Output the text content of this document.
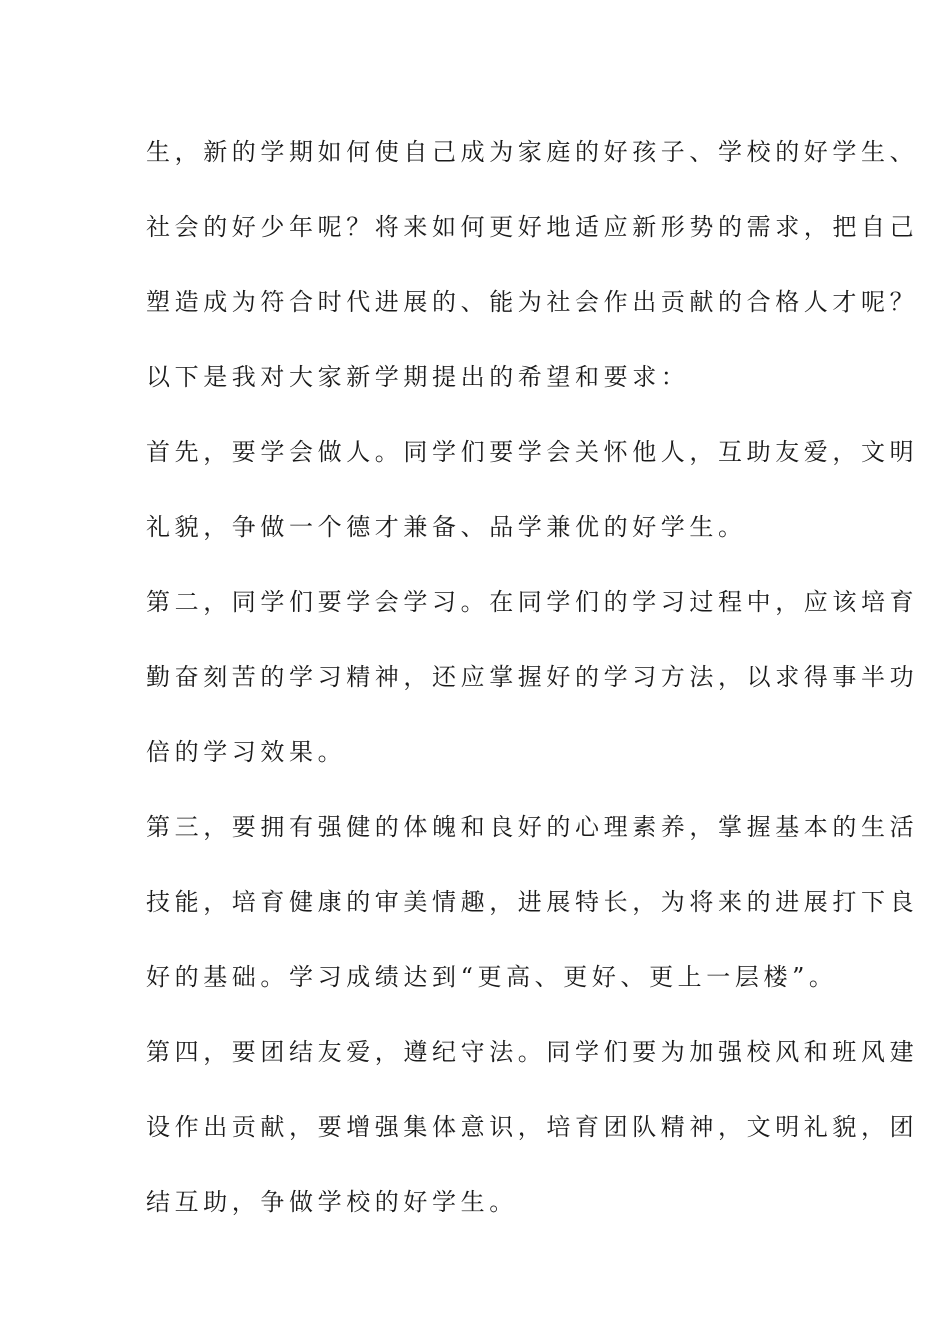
生，新的学期如何使自己成为家庭的好孩子、学校的好学生、
社会的好少年呢？将来如何更好地适应新形势的需求，把自己
塑造成为符合时代进展的、能为社会作出贡献的合格人才呢？
以下是我对大家新学期提出的希望和要求：
首先，要学会做人。同学们要学会关怀他人，互助友爱，文明
礼貌，争做一个德才兼备、品学兼优的好学生。
第二，同学们要学会学习。在同学们的学习过程中，应该培育
勤奋刻苦的学习精神，还应掌握好的学习方法，以求得事半功
倍的学习效果。
第三，要拥有强健的体魄和良好的心理素养，掌握基本的生活
技能，培育健康的审美情趣，进展特长，为将来的进展打下良
好的基础。学习成绩达到“更高、更好、更上一层楼”。
第四，要团结友爱，遵纪守法。同学们要为加强校风和班风建
设作出贡献，要增强集体意识，培育团队精神，文明礼貌，团
结互助，争做学校的好学生。
